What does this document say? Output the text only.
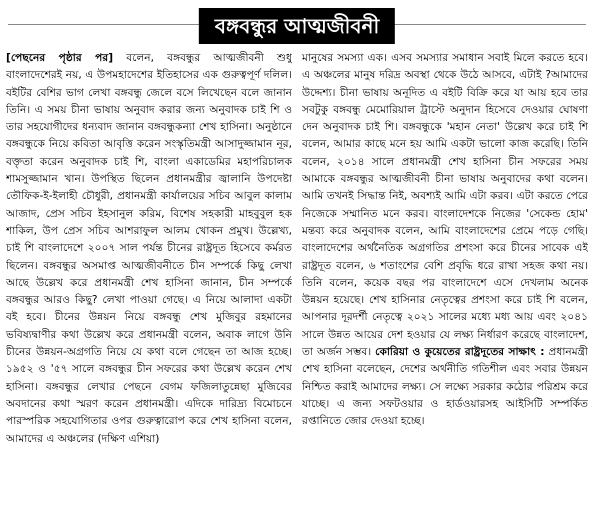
বঙ্গবন্ধুর আত্মজীবনী

[পেছনের পৃষ্ঠার পর] বলেন, বঙ্গবন্ধুর আত্মজীবনী শুধু বাংলাদেশেরই নয়, এ উপমহাদেশের ইতিহাসের এক গুরুত্বপূর্ণ দলিল। বইটির বেশির ভাগ লেখা বঙ্গবন্ধু জেলে বসে লিখেছেন বলে জানান তিনি। এ সময় চীনা ভাষায় অনুবাদ করার জন্য অনুবাদক চাই শি ও তার সহযোগীদের ধন্যবাদ জানান বঙ্গবন্ধুকন্যা শেখ হাসিনা। অনুষ্ঠানে বঙ্গবন্ধুকে নিয়ে কবিতা আবৃত্তি করেন সংস্কৃতিমন্ত্রী আসাদুজ্জামান নূর, বক্তৃতা করেন অনুবাদক চাই শি, বাংলা একাডেমির মহাপরিচালক শামসুজ্জামান খান। উপস্থিত ছিলেন প্রধানমন্ত্রীর জ্বালানি উপদেষ্টা তৌফিক-ই-ইলাহী চৌধুরী, প্রধানমন্ত্রী কার্যালয়ের সচিব আবুল কালাম আজাদ, প্রেস সচিব ইহসানুল করিম, বিশেষ সহকারী মাহবুবুল হক শাকিল, উপ প্রেস সচিব আশরাফুল আলম খোকন প্রমুখ। উল্লেখ্য, চাই শি বাংলাদেশে ২০০৭ সাল পর্যন্ত চীনের রাষ্ট্রদূত হিসেবে কর্মরত ছিলেন। বঙ্গবন্ধুর অসমাপ্ত আত্মজীবনীতে চীন সম্পর্কে কিছু লেখা আছে উল্লেখ করে প্রধানমন্ত্রী শেখ হাসিনা জানান, চীন সম্পর্কে বঙ্গবন্ধুর আরও কিছু? লেখা পাওয়া গেছে। এ নিয়ে আলাদা একটা বই হবে। চীনের উন্নয়ন নিয়ে বঙ্গবন্ধু শেখ মুজিবুর রহমানের ভবিষ্যদ্বাণীর কথা উল্লেখ করে প্রধানমন্ত্রী বলেন, অবাক লাগে উনি চীনের উন্নয়ন-অগ্রগতি নিয়ে যে কথা বলে গেছেন তা আজ হচ্ছে। ১৯৫২ ও '৫৭ সালে বঙ্গবন্ধুর চীন সফরের কথা উল্লেখ করেন শেখ হাসিনা। বঙ্গবন্ধুর লেখার পেছনে বেগম ফজিলাতুন্নেছা মুজিবের অবদানের কথা স্মরণ করেন প্রধানমন্ত্রী। এদিকে দারিদ্র্য বিমোচনে পারস্পরিক সহযোগিতার ওপর গুরুত্বারোপ করে শেখ হাসিনা বলেন, আমাদের এ অঞ্চলের (দক্ষিণ এশিয়া)

মানুষের সমস্যা এক। এসব সমস্যার সমাধান সবাই মিলে করতে হবে। এ অঞ্চলের মানুষ দরিদ্র অবস্থা থেকে উঠে আসবে, এটাই ?আমাদের উদ্দেশ্য। চীনা ভাষায় অনূদিত এ বইটি বিক্রি করে যা আয় হবে তার সবটুকু বঙ্গবন্ধু মেমোরিয়াল ট্রাস্টে অনুদান হিসেবে দেওয়ার ঘোষণা দেন অনুবাদক চাই শি। বঙ্গবন্ধুকে 'মহান নেতা' উল্লেখ করে চাই শি বলেন, আমার কাছে মনে হয় আমি একটা ভালো কাজ করেছি। তিনি বলেন, ২০১৪ সালে প্রধানমন্ত্রী শেখ হাসিনা চীন সফরের সময় আমাকে বঙ্গবন্ধুর আত্মজীবনী চীনা ভাষায় অনুবাদের কথা বলেন। আমি তখনই সিদ্ধান্ত নিই, অবশ্যই আমি এটা করব। এটা করতে পেরে নিজেকে সম্মানিত মনে করব। বাংলাদেশকে নিজের 'সেকেন্ড হোম' মন্তব্য করে অনুবাদক বলেন, আমি বাংলাদেশের প্রেমে পড়ে গেছি। বাংলাদেশের অর্থনৈতিক অগ্রগতির প্রশংসা করে চীনের সাবেক এই রাষ্ট্রদূত বলেন, ৬ শতাংশের বেশি প্রবৃদ্ধি ধরে রাখা সহজ কথা নয়। তিনি বলেন, কয়েক বছর পর বাংলাদেশে এসে দেখলাম অনেক উন্নয়ন হয়েছে। শেখ হাসিনার নেতৃত্বের প্রশংসা করে চাই শি বলেন, আপনার দূরদর্শী নেতৃত্বে ২০২১ সালের মধ্যে মধ্য আয় এবং ২০৪১ সালে উন্নত আয়ের দেশ হওয়ার যে লক্ষ্য নির্ধারণ করেছে বাংলাদেশ, তা অর্জন সম্ভব। কোরিয়া ও কুয়েতের রাষ্ট্রদূতের সাক্ষাৎ : প্রধানমন্ত্রী শেখ হাসিনা বলেছেন, দেশের অর্থনীতি গতিশীল এবং সবার উন্নয়ন নিশ্চিত করাই আমাদের লক্ষ্য। সে লক্ষ্যে সরকার কঠোর পরিশ্রম করে যাচ্ছে। এ জন্য সফটওয়ার ও হার্ডওয়ারসহ আইসিটি সম্পর্কিত রপ্তানিতে জোর দেওয়া হচ্ছে।
